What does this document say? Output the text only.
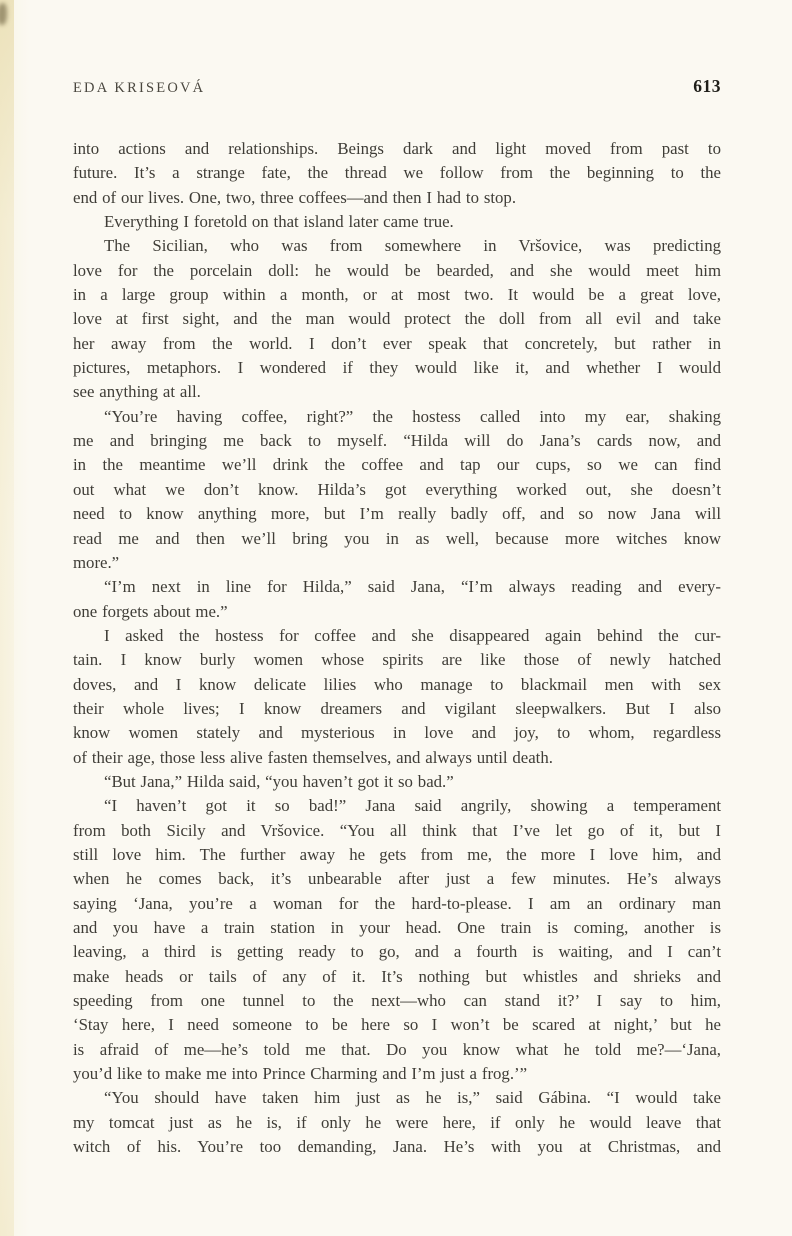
EDA KRISEOVÁ	613
into actions and relationships. Beings dark and light moved from past to
future. It’s a strange fate, the thread we follow from the beginning to the
end of our lives. One, two, three coffees—and then I had to stop.
Everything I foretold on that island later came true.
The Sicilian, who was from somewhere in Vršovice, was predicting
love for the porcelain doll: he would be bearded, and she would meet him
in a large group within a month, or at most two. It would be a great love,
love at first sight, and the man would protect the doll from all evil and take
her away from the world. I don’t ever speak that concretely, but rather in
pictures, metaphors. I wondered if they would like it, and whether I would
see anything at all.
“You’re having coffee, right?” the hostess called into my ear, shaking
me and bringing me back to myself. “Hilda will do Jana’s cards now, and
in the meantime we’ll drink the coffee and tap our cups, so we can find
out what we don’t know. Hilda’s got everything worked out, she doesn’t
need to know anything more, but I’m really badly off, and so now Jana will
read me and then we’ll bring you in as well, because more witches know
more.”
“I’m next in line for Hilda,” said Jana, “I’m always reading and every-
one forgets about me.”
I asked the hostess for coffee and she disappeared again behind the cur-
tain. I know burly women whose spirits are like those of newly hatched
doves, and I know delicate lilies who manage to blackmail men with sex
their whole lives; I know dreamers and vigilant sleepwalkers. But I also
know women stately and mysterious in love and joy, to whom, regardless
of their age, those less alive fasten themselves, and always until death.
“But Jana,” Hilda said, “you haven’t got it so bad.”
“I haven’t got it so bad!” Jana said angrily, showing a temperament
from both Sicily and Vršovice. “You all think that I’ve let go of it, but I
still love him. The further away he gets from me, the more I love him, and
when he comes back, it’s unbearable after just a few minutes. He’s always
saying ‘Jana, you’re a woman for the hard-to-please. I am an ordinary man
and you have a train station in your head. One train is coming, another is
leaving, a third is getting ready to go, and a fourth is waiting, and I can’t
make heads or tails of any of it. It’s nothing but whistles and shrieks and
speeding from one tunnel to the next—who can stand it?’ I say to him,
‘Stay here, I need someone to be here so I won’t be scared at night,’ but he
is afraid of me—he’s told me that. Do you know what he told me?—‘Jana,
you’d like to make me into Prince Charming and I’m just a frog.’”
“You should have taken him just as he is,” said Gábina. “I would take
my tomcat just as he is, if only he were here, if only he would leave that
witch of his. You’re too demanding, Jana. He’s with you at Christmas, and
